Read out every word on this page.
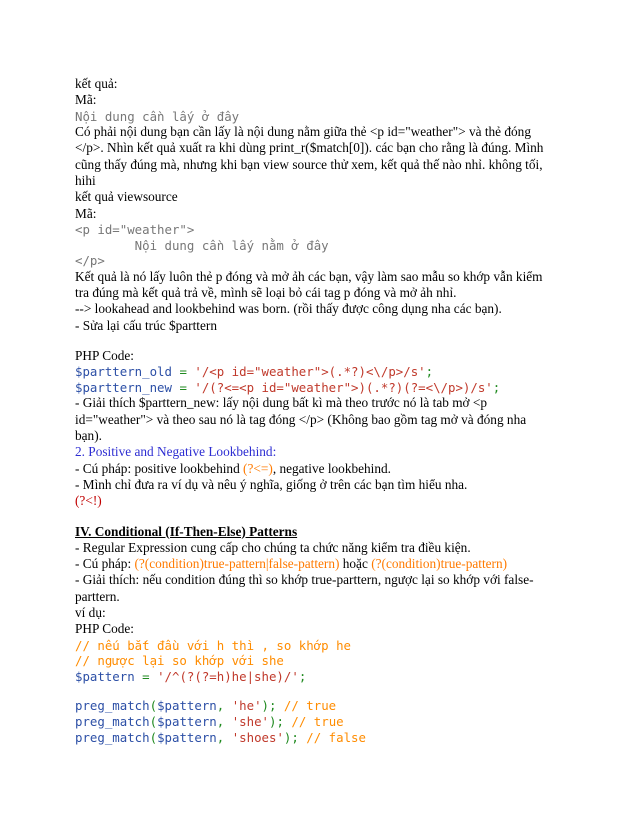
kết quả:

Mã:

Nội dung cần lấy ở đây

Có phải nội dung bạn cần lấy là nội dung nằm giữa thẻ <p id="weather"> và thẻ đóng

</p>. Nhìn kết quả xuất ra khi dùng print_r($match[0]). các bạn cho rằng là đúng. Mình

cũng thấy đúng mà, nhưng khi bạn view source thử xem, kết quả thế nào nhỉ. không tối,

hihi

kết quả viewsource

Mã:

<p id="weather">

Nội dung cần lấy nằm ở đây

</p>

Kết quả là nó lấy luôn thẻ p đóng và mở ảh các bạn, vậy làm sao mẫu so khớp vẫn kiểm

tra đúng mà kết quả trả về, mình sẽ loại bỏ cái tag p đóng và mở ảh nhỉ.

--> lookahead and lookbehind was born. (rồi thấy được công dụng nha các bạn).

- Sửa lại cấu trúc $parttern

PHP Code:

$parttern_old = '/<p id="weather">(.*?)<\/p>/s';

$parttern_new = '/(?<=<p id="weather">)(.*?)(?=<\/p>)/s';

- Giải thích $parttern_new: lấy nội dung bất kì mà theo trước nó là tab mở <p

id="weather"> và theo sau nó là tag đóng </p> (Không bao gồm tag mở và đóng nha

bạn).

2. Positive and Negative Lookbehind:

- Cú pháp: positive lookbehind (?<=), negative lookbehind.

- Mình chỉ đưa ra ví dụ và nêu ý nghĩa, giống ở trên các bạn tìm hiểu nha.

(?<!)

IV. Conditional (If-Then-Else) Patterns

- Regular Expression cung cấp cho chúng ta chức năng kiểm tra điều kiện.

- Cú pháp: (?(condition)true-pattern|false-pattern) hoặc (?(condition)true-pattern)

- Giải thích: nếu condition đúng thì so khớp true-parttern, ngược lại so khớp với false-

parttern.

ví dụ:

PHP Code:

// nếu bắt đầu với h thì , so khớp he

// ngược lại so khớp với she

$pattern = '/^(?(?=h)he|she)/';

preg_match($pattern, 'he'); // true

preg_match($pattern, 'she'); // true

preg_match($pattern, 'shoes'); // false
